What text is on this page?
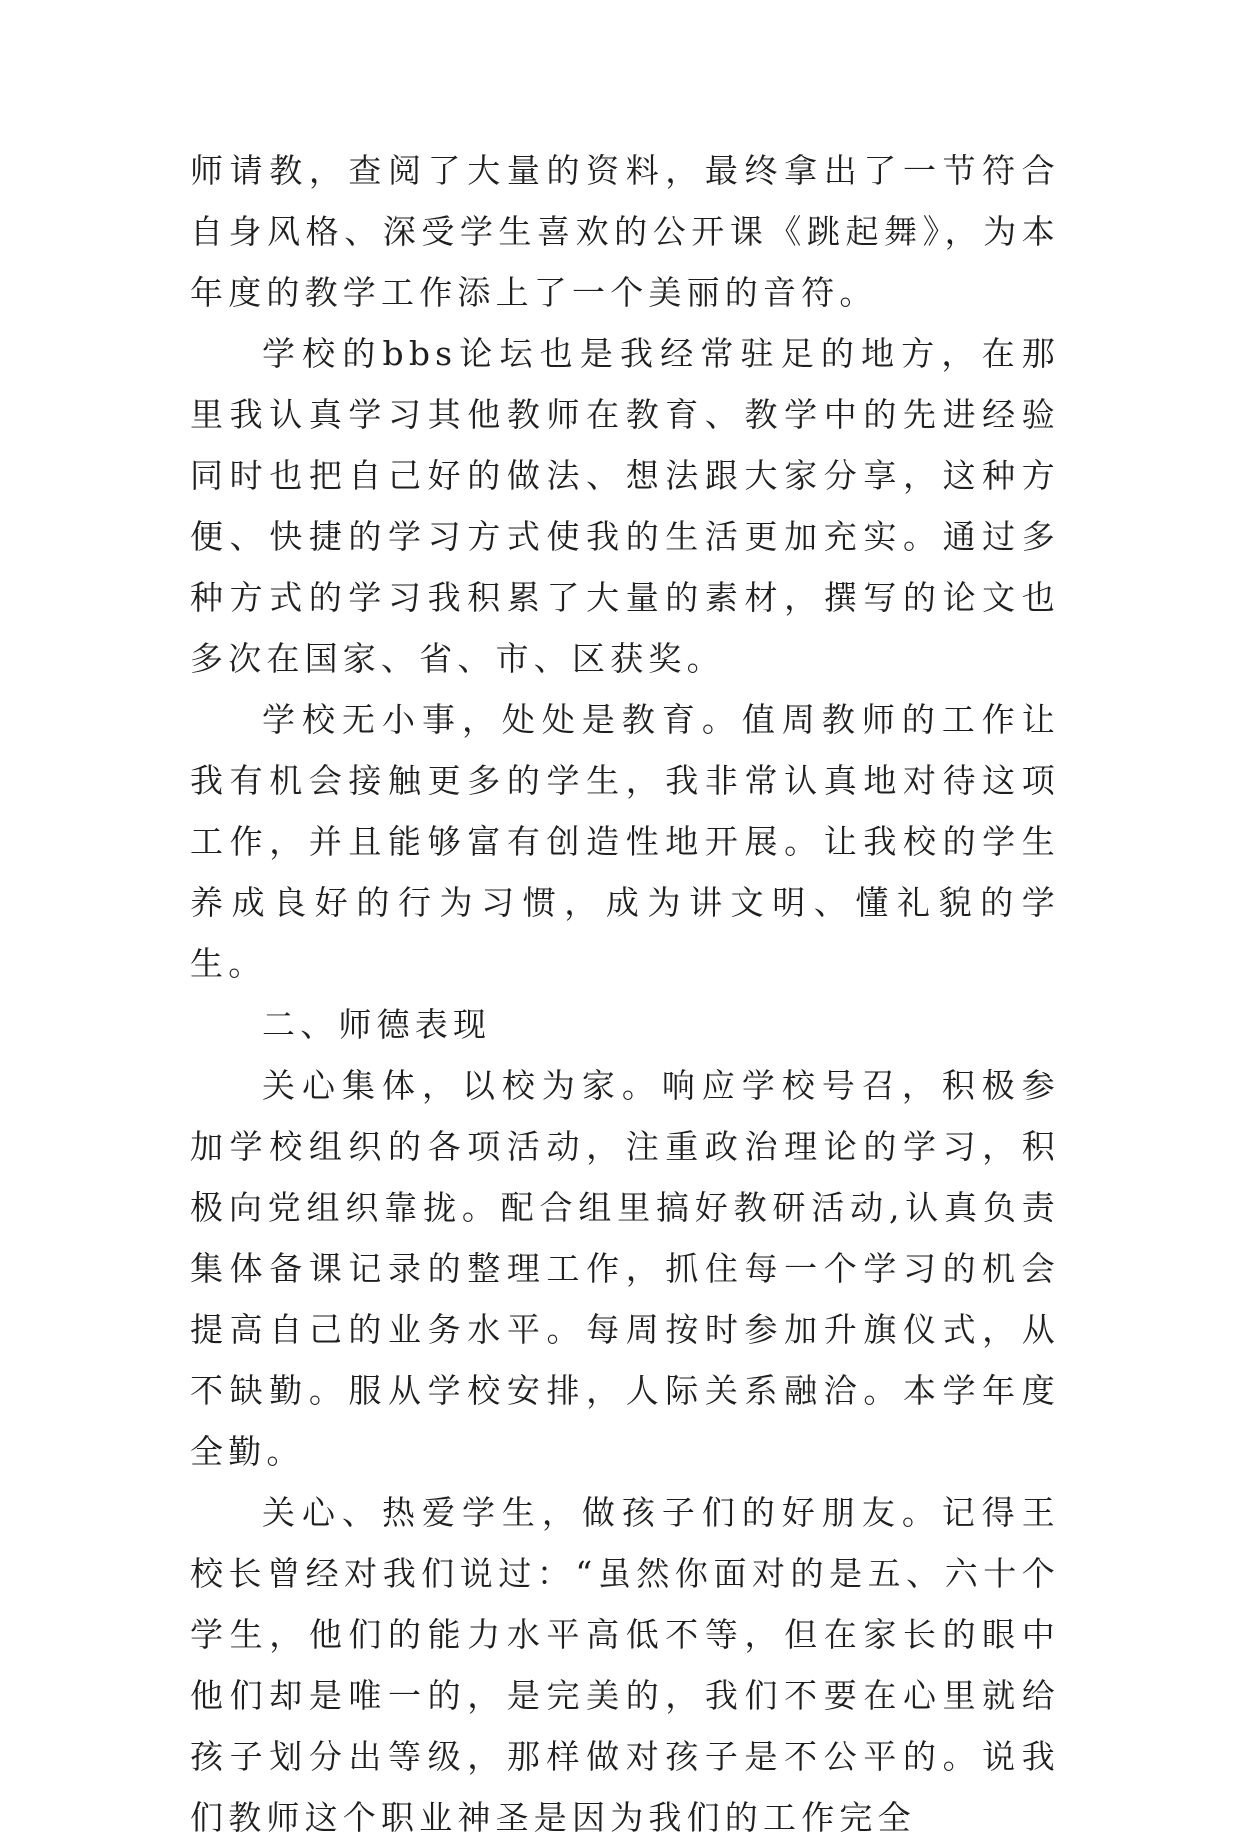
师请教，查阅了大量的资料，最终拿出了一节符合自身风格、深受学生喜欢的公开课《跳起舞》，为本年度的教学工作添上了一个美丽的音符。

学校的bbs论坛也是我经常驻足的地方，在那里我认真学习其他教师在教育、教学中的先进经验同时也把自己好的做法、想法跟大家分享，这种方便、快捷的学习方式使我的生活更加充实。通过多种方式的学习我积累了大量的素材，撰写的论文也多次在国家、省、市、区获奖。

学校无小事，处处是教育。值周教师的工作让我有机会接触更多的学生，我非常认真地对待这项工作，并且能够富有创造性地开展。让我校的学生养成良好的行为习惯，成为讲文明、懂礼貌的学生。

二、师德表现

关心集体，以校为家。响应学校号召，积极参加学校组织的各项活动，注重政治理论的学习，积极向党组织靠拢。配合组里搞好教研活动,认真负责集体备课记录的整理工作，抓住每一个学习的机会提高自己的业务水平。每周按时参加升旗仪式，从不缺勤。服从学校安排，人际关系融洽。本学年度全勤。

关心、热爱学生，做孩子们的好朋友。记得王校长曾经对我们说过：“虽然你面对的是五、六十个学生，他们的能力水平高低不等，但在家长的眼中他们却是唯一的，是完美的，我们不要在心里就给孩子划分出等级，那样做对孩子是不公平的。说我们教师这个职业神圣是因为我们的工作完全
